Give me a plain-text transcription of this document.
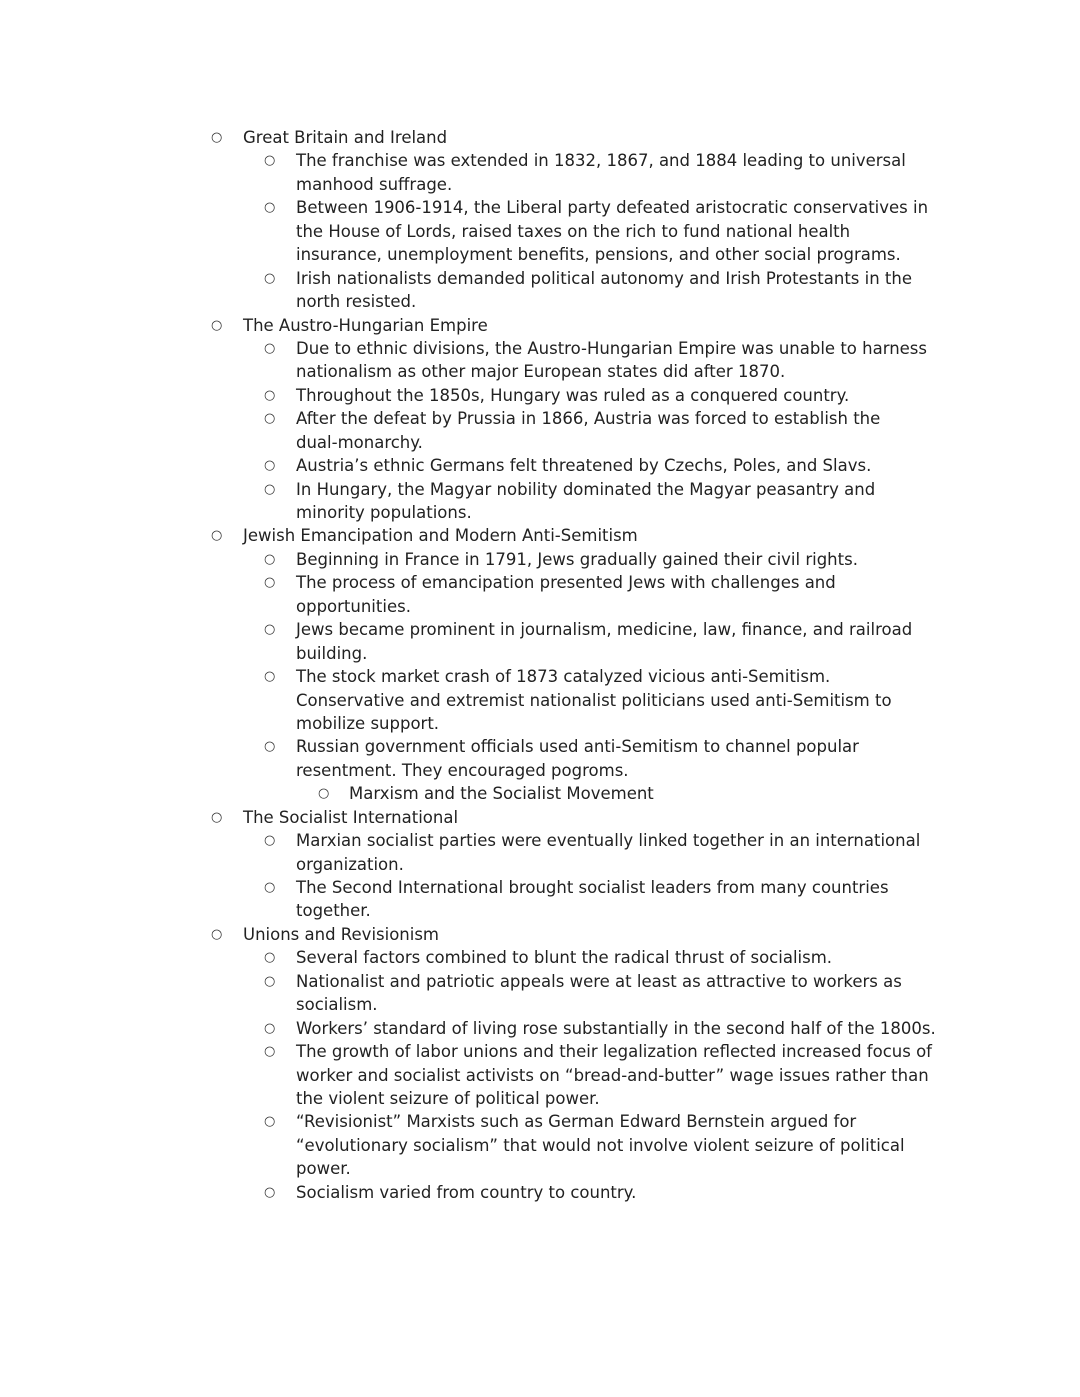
○ Great Britain and Ireland
○ The franchise was extended in 1832, 1867, and 1884 leading to universal
manhood suffrage.
○ Between 1906-1914, the Liberal party defeated aristocratic conservatives in
the House of Lords, raised taxes on the rich to fund national health
insurance, unemployment benefits, pensions, and other social programs.
○ Irish nationalists demanded political autonomy and Irish Protestants in the
north resisted.
○ The Austro-Hungarian Empire
○ Due to ethnic divisions, the Austro-Hungarian Empire was unable to harness
nationalism as other major European states did after 1870.
○ Throughout the 1850s, Hungary was ruled as a conquered country.
○ After the defeat by Prussia in 1866, Austria was forced to establish the
dual-monarchy.
○ Austria’s ethnic Germans felt threatened by Czechs, Poles, and Slavs.
○ In Hungary, the Magyar nobility dominated the Magyar peasantry and
minority populations.
○ Jewish Emancipation and Modern Anti-Semitism
○ Beginning in France in 1791, Jews gradually gained their civil rights.
○ The process of emancipation presented Jews with challenges and
opportunities.
○ Jews became prominent in journalism, medicine, law, finance, and railroad
building.
○ The stock market crash of 1873 catalyzed vicious anti-Semitism.
Conservative and extremist nationalist politicians used anti-Semitism to
mobilize support.
○ Russian government officials used anti-Semitism to channel popular
resentment. They encouraged pogroms.
○ Marxism and the Socialist Movement
○ The Socialist International
○ Marxian socialist parties were eventually linked together in an international
organization.
○ The Second International brought socialist leaders from many countries
together.
○ Unions and Revisionism
○ Several factors combined to blunt the radical thrust of socialism.
○ Nationalist and patriotic appeals were at least as attractive to workers as
socialism.
○ Workers’ standard of living rose substantially in the second half of the 1800s.
○ The growth of labor unions and their legalization reflected increased focus of
worker and socialist activists on “bread-and-butter” wage issues rather than
the violent seizure of political power.
○ “Revisionist” Marxists such as German Edward Bernstein argued for
“evolutionary socialism” that would not involve violent seizure of political
power.
○ Socialism varied from country to country.
